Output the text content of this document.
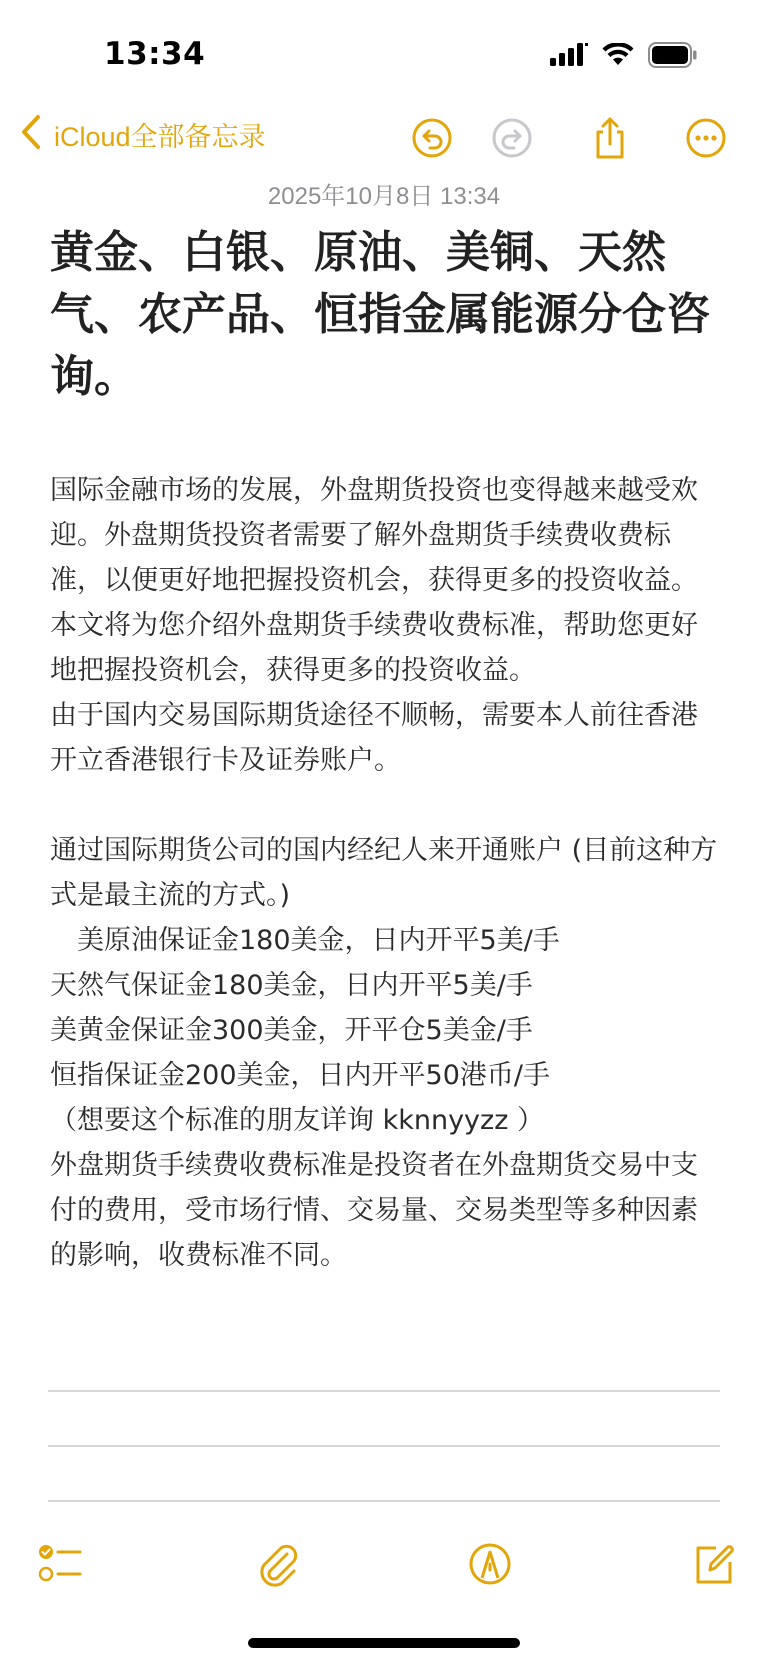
13:34
iCloud全部备忘录
2025年10月8日 13:34
黄金、白银、原油、美铜、天然气、农产品、恒指金属能源分仓咨询。

国际金融市场的发展，外盘期货投资也变得越来越受欢迎。外盘期货投资者需要了解外盘期货手续费收费标准，以便更好地把握投资机会，获得更多的投资收益。本文将为您介绍外盘期货手续费收费标准，帮助您更好地把握投资机会，获得更多的投资收益。

由于国内交易国际期货途径不顺畅，需要本人前往香港开立香港银行卡及证券账户。

通过国际期货公司的国内经纪人来开通账户 (目前这种方式是最主流的方式。)

　美原油保证金180美金，日内开平5美/手

天然气保证金180美金，日内开平5美/手

美黄金保证金300美金，开平仓5美金/手

恒指保证金200美金，日内开平50港币/手

（想要这个标准的朋友详询 kknnyyzz ）

外盘期货手续费收费标准是投资者在外盘期货交易中支付的费用，受市场行情、交易量、交易类型等多种因素的影响，收费标准不同。
